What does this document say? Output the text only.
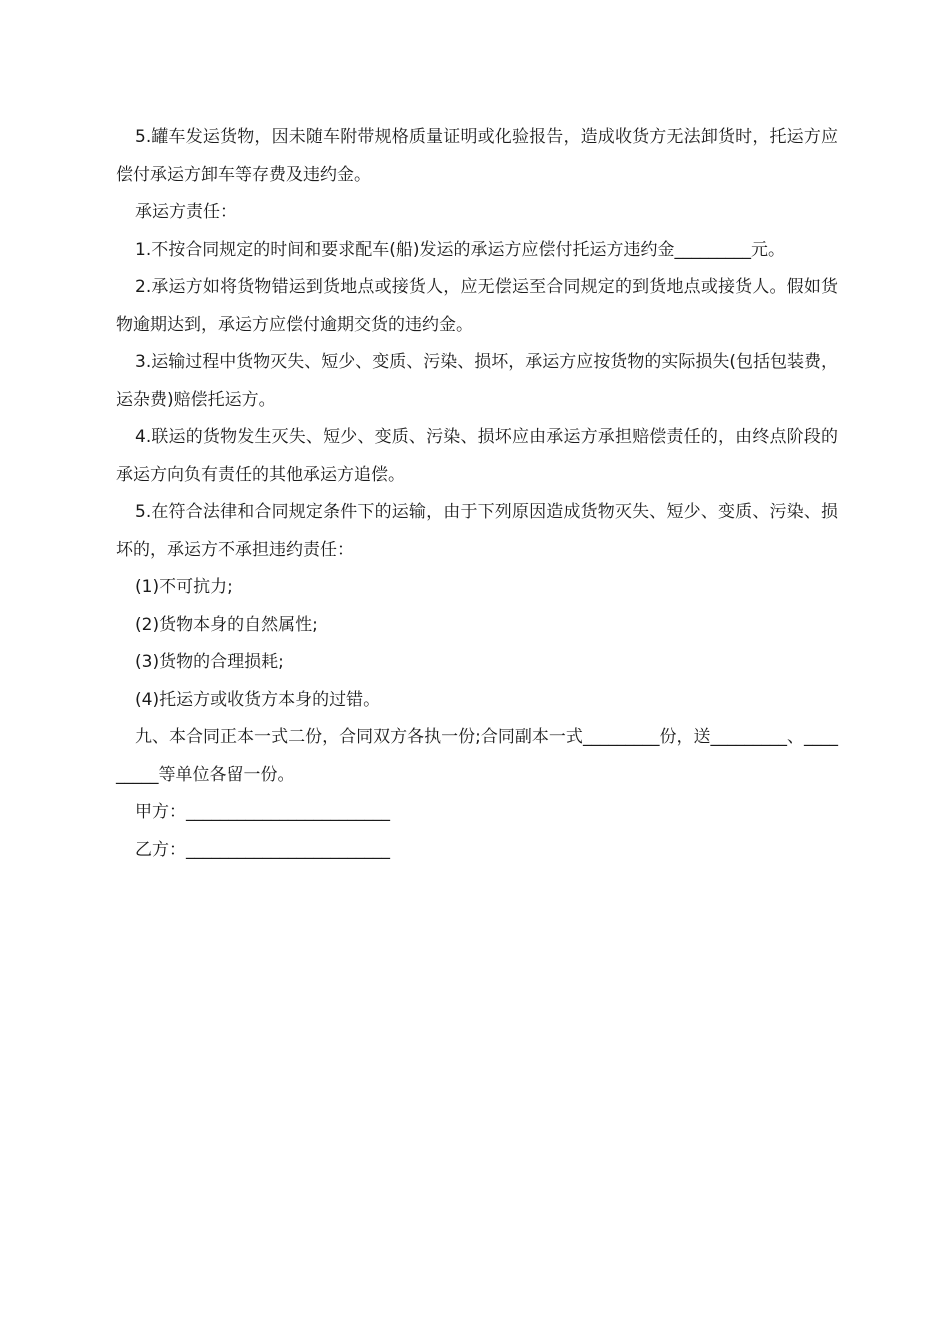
5.罐车发运货物，因未随车附带规格质量证明或化验报告，造成收货方无法卸货时，托运方应偿付承运方卸车等存费及违约金。

承运方责任：

1.不按合同规定的时间和要求配车(船)发运的承运方应偿付托运方违约金_________元。

2.承运方如将货物错运到货地点或接货人，应无偿运至合同规定的到货地点或接货人。假如货物逾期达到，承运方应偿付逾期交货的违约金。

3.运输过程中货物灭失、短少、变质、污染、损坏，承运方应按货物的实际损失(包括包装费，运杂费)赔偿托运方。

4.联运的货物发生灭失、短少、变质、污染、损坏应由承运方承担赔偿责任的，由终点阶段的承运方向负有责任的其他承运方追偿。

5.在符合法律和合同规定条件下的运输，由于下列原因造成货物灭失、短少、变质、污染、损坏的，承运方不承担违约责任：

(1)不可抗力;

(2)货物本身的自然属性;

(3)货物的合理损耗;

(4)托运方或收货方本身的过错。

九、本合同正本一式二份，合同双方各执一份;合同副本一式_________份，送_________、_________等单位各留一份。

甲方：________________________

乙方：________________________
